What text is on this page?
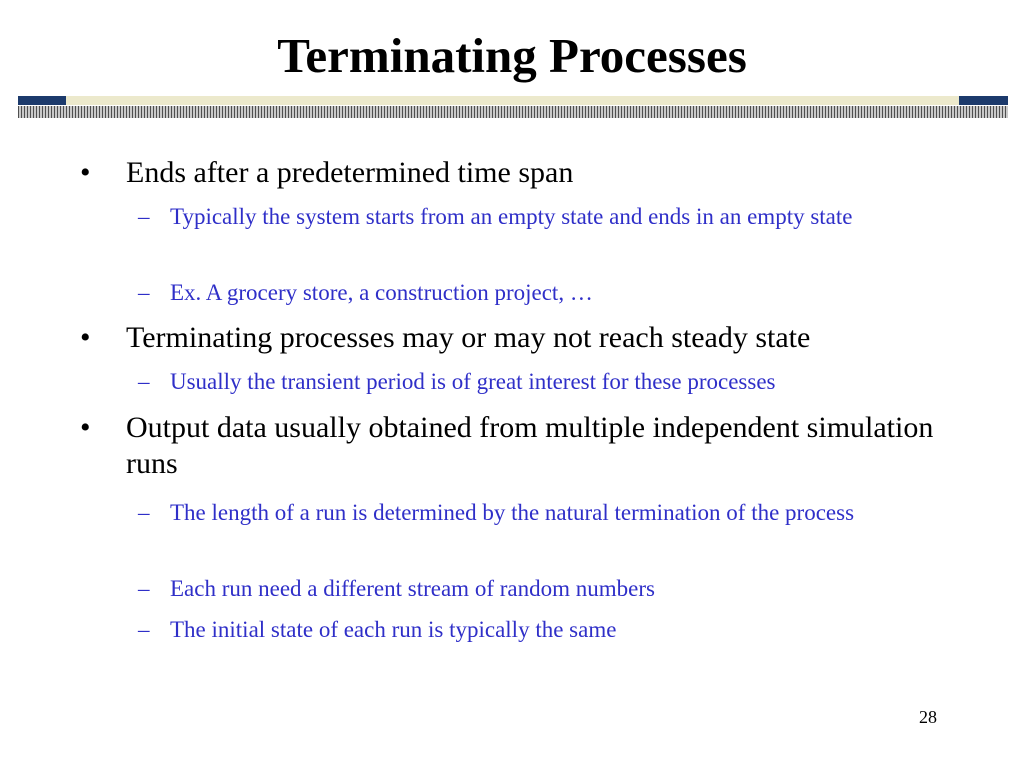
Terminating Processes
•	Ends after a predetermined time span
– Typically the system starts from an empty state and ends in an empty state
– Ex. A grocery store, a construction project, …
•	Terminating processes may or may not reach steady state
– Usually the transient period is of great interest for these processes
•	Output data usually obtained from multiple independent simulation runs
– The length of a run is determined by the natural termination of the process
– Each run need a different stream of random numbers
– The initial state of each run is typically the same
28
